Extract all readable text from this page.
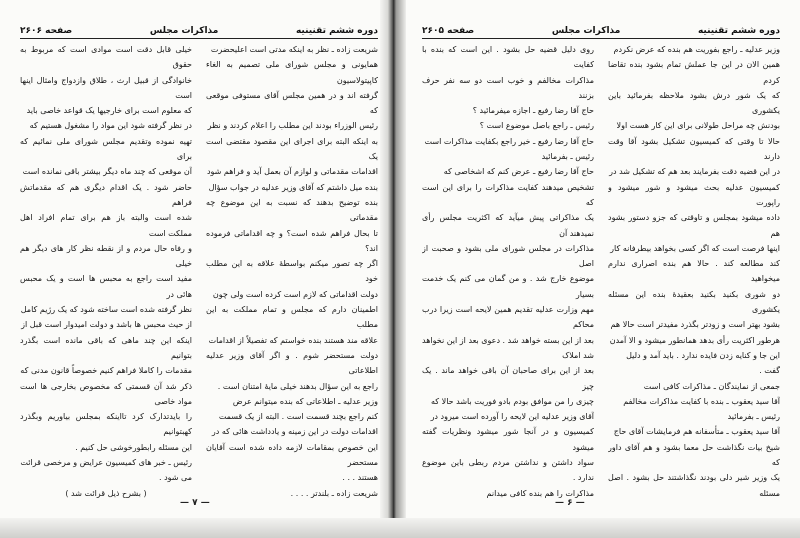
دوره ششم تقنینیه
مذاکرات مجلس
صفحه ۲۶۰۶

شریعت زاده ـ نظر به اینکه مدتی است اعلیحضرت

همایونی و مجلس شورای ملی تصمیم به الغاء کاپیتولاسیون

گرفته اند و در همین مجلس آقای مستوفی موقعی که

رئیس الوزراء بودند این مطلب را اعلام کردند و نظر

به اینکه البته برای اجرای این مقصود مقتضی است یک

اقدامات مقدماتی و لوازم آن بعمل آید و فراهم شود

بنده میل داشتم که آقای وزیر عدلیه در جواب سؤال

بنده توضیح بدهند که نسبت به این موضوع چه مقدماتی

تا بحال فراهم شده است؟ و چه اقداماتی فرموده اند؟

اگر چه تصور میکنم بواسطهٔ علاقه به این مطلب خود

دولت اقداماتی که لازم است کرده است ولی چون

اطمینان دارم که مجلس و تمام مملکت به این مطلب

علاقه مند هستند بنده خواستم که تفصیلاً از اقدامات

دولت مستحضر شوم . و اگر آقای وزیر عدلیه اطلاعاتی

راجع به این سؤال بدهند خیلی مایهٔ امتنان است .

وزیر عدلیه ـ اطلاعاتی که بنده میتوانم عرض

کنم راجع بچند قسمت است . البته از یک قسمت

اقدامات دولت در این زمینه و یادداشت هائی که در

این خصوص بمقامات لازمه داده شده است آقایان مستحضر

هستند . . .

شریعت زاده ـ بلندتر . . . .

خیلی قابل دقت است موادی است که مربوط به حقوق

خانوادگی از قبیل ارث ، طلاق وازدواج وامثال اینها است

که معلوم است برای خارجیها یک قواعد خاصی باید

در نظر گرفته شود این مواد را مشغول هستیم که

تهیه نموده وتقدیم مجلس شورای ملی نمائیم که برای

آن موقعی که چند ماه دیگر بیشتر باقی نمانده است

حاضر شود . یک اقدام دیگری هم که مقدماتش فراهم

شده است والبته باز هم برای تمام افراد اهل مملکت است

و رفاه حال مردم و از نقطه نظر کار های دیگر هم خیلی

مفید است راجع به محبس ها است و یک محبس هائی در

نظر گرفته شده است ساخته شود که یک رژیم کامل

از حیث محبس ها باشد و دولت امیدوار است قبل از

اینکه این چند ماهی که باقی مانده است بگذرد بتوانیم

مقدمات را کاملا فراهم کنیم خصوصاً قانون مدنی که

ذکر شد آن قسمتی که مخصوص بخارجی ها است مواد خاصی

را بایدتدارک کرد تااینکه بمجلس بیاوریم وبگذرد کهبتوانیم

این مسئله رابطورخوشی حل کنیم .

رئیس ـ خبر های کمیسیون عرایض و مرخصی قرائت

می شود .

( بشرح ذیل قرائت شد )

— ۷ —
دوره ششم تقنینیه
مذاکرات مجلس
صفحه ۲۶۰۵

وزیر عدلیه ـ راجع بفوریت هم بنده که عرض نکردم

همین الان در این جا عملش تمام بشود بنده تقاضا کردم

که یک شور درش بشود ملاحظه بفرمائید باین یکشوری

بودنش چه مراحل طولانی برای این کار هست اولا

حالا تا وقتی که کمیسیون تشکیل بشود آقا وقت دارند

در این قضیه دقت بفرمایند بعد هم که تشکیل شد در

کمیسیون عدلیه بحث میشود و شور میشود و راپورت

داده میشود بمجلس و تاوقتی که جزو دستور بشود هم

اینها فرصت است که اگر کسی بخواهد بیطرفانه کار

کند مطالعه کند . حالا هم بنده اصراری ندارم میخواهید

دو شوری بکنید بکنید بعقیدهٔ بنده این مسئله یکشوری

بشود بهتر است و زودتر بگذرد مفیدتر است حالا هم

هرطور اکثریت رأی بدهد همانطور میشود و الا آمدن

این جا و کنایه زدن فایده ندارد . باید آمد و دلیل

گفت .

جمعی از نمایندگان ـ مذاکرات کافی است

آقا سید یعقوب ـ بنده با کفایت مذاکرات مخالفم

رئیس ـ بفرمائید

آقا سید یعقوب ـ متأسفانه هم فرمایشات آقای حاج

شیخ بیات نگذاشت حل معما بشود و هم آقای داور که

یک وزیر شیر دلی بودند نگذاشتند حل بشود . اصل مسئله

روی دلیل قضیه حل بشود . این است که بنده با کفایت

مذاکرات مخالفم و خوب است دو سه نفر حرف بزنند

حاج آقا رضا رفیع ـ اجازه میفرمائید ؟

رئیس ـ راجع باصل موضوع است ؟

حاج آقا رضا رفیع ـ خیر راجع بکفایت مذاکرات است

رئیس ـ بفرمائید

حاج آقا رضا رفیع ـ عرض کنم که اشخاصی که

تشخیص میدهند کفایت مذاکرات را برای این است که

یک مذاکراتی پیش میآید که اکثریت مجلس رأی نمیدهند آن

مذاکرات در مجلس شورای ملی بشود و صحبت از اصل

موضوع خارج شد . و من گمان می کنم یک خدمت بسیار

مهم وزارت عدلیه تقدیم همین لایحه است زیرا درب محاکم

بعد از این بسته خواهد شد . دعوی بعد از این نخواهد شد املاک

بعد از این برای صاحبان آن باقی خواهد ماند . یک چیز

چیزی را من موافق بودم بادو فوریت باشد حالا که

آقای وزیر عدلیه این لایحه را آورده است میرود در

کمیسیون و در آنجا شور میشود ونظریات گفته میشود

سواد داشتن و نداشتن مردم ربطی باین موضوع ندارد .

مذاکرات را هم بنده کافی میدانم

— ۶ —
